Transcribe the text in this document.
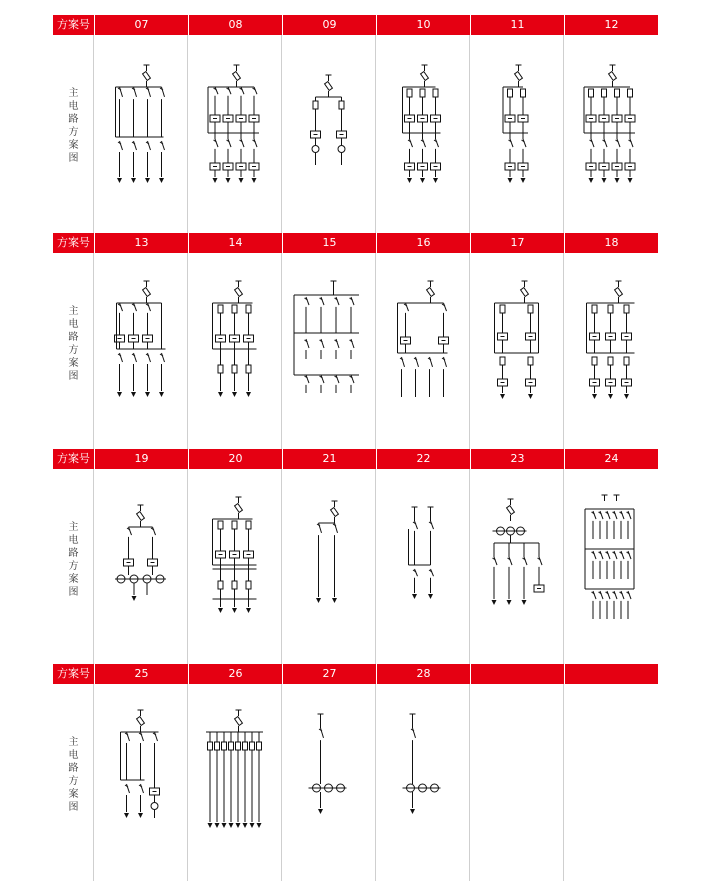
方案号	07	08	09	10	11	12
主
电
路
方
案
图
方案号	13	14	15	16	17	18
主
电
路
方
案
图
方案号	19	20	21	22	23	24
主
电
路
方
案
图
方案号	25	26	27	28
主
电
路
方
案
图
